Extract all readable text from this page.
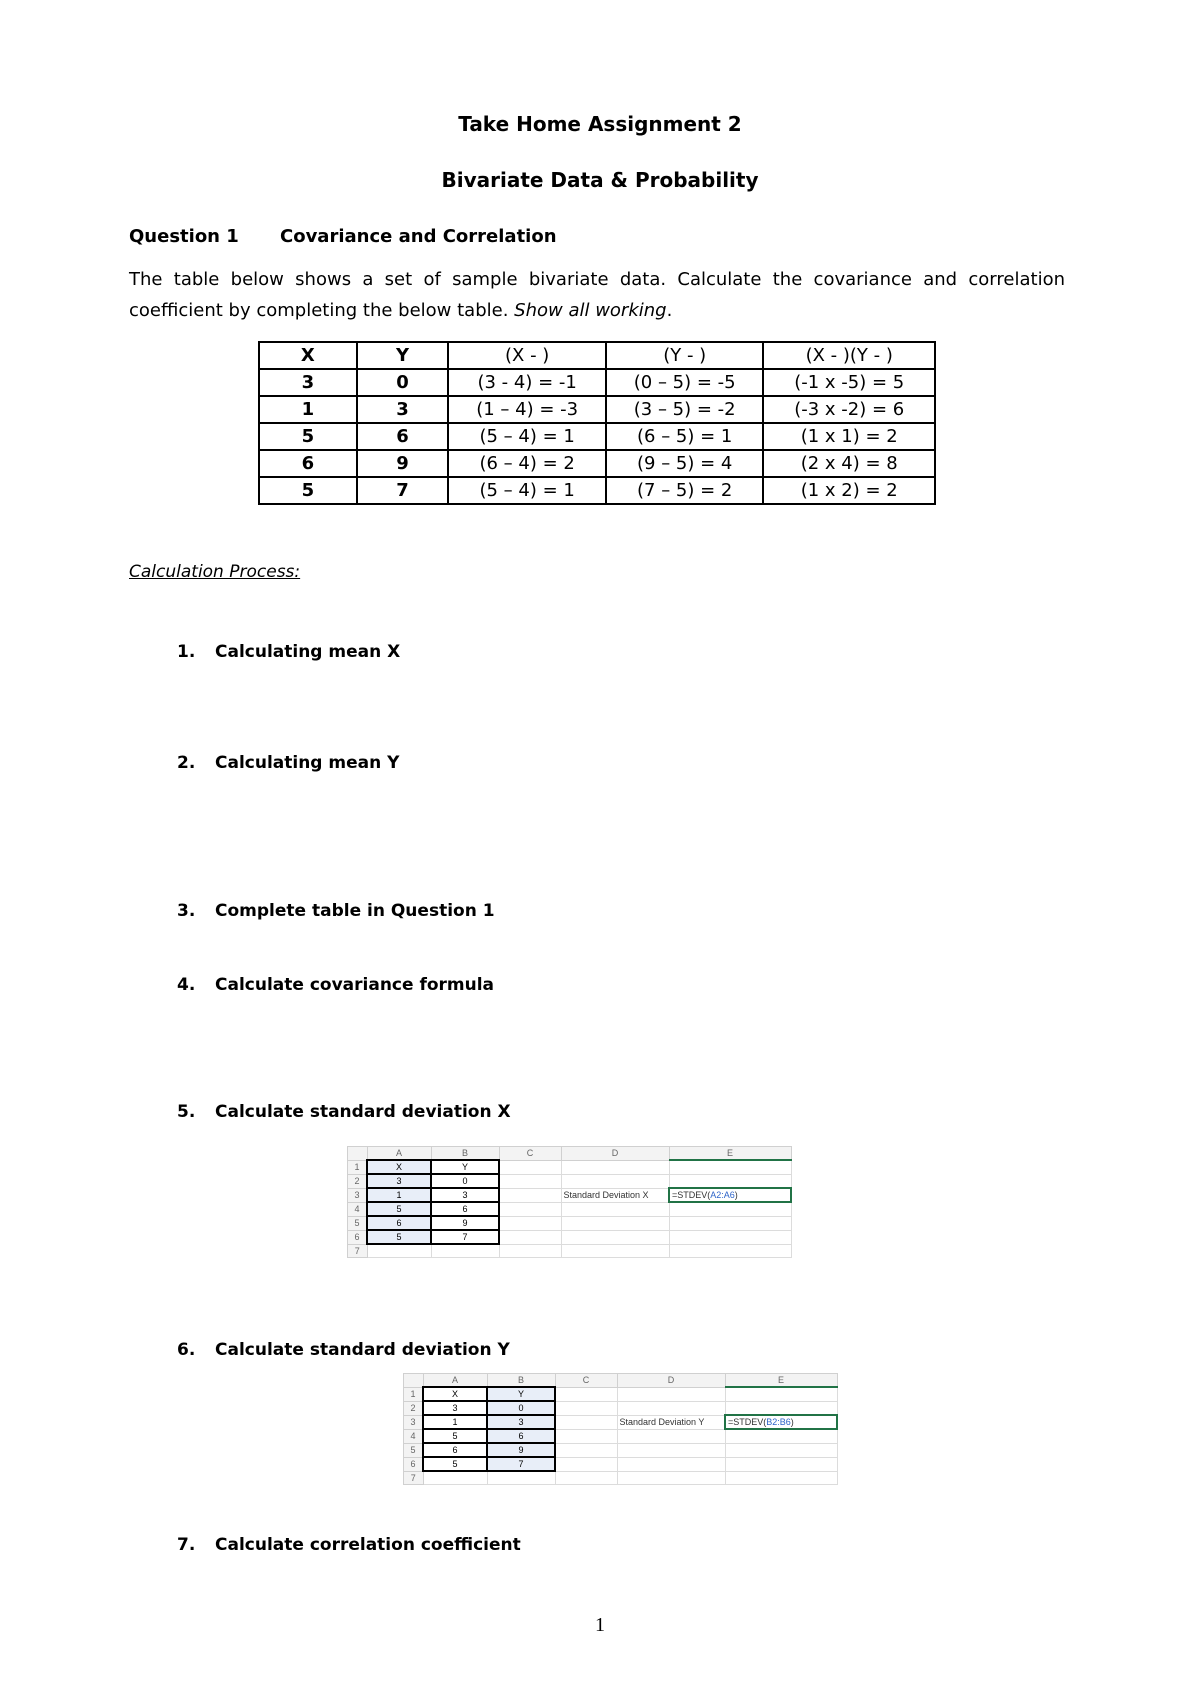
Take Home Assignment 2
Bivariate Data & Probability
Question 1 Covariance and Correlation
The table below shows a set of sample bivariate data. Calculate the covariance and correlation coefficient by completing the below table. Show all working.
X	Y	(X - )	(Y - )	(X - )(Y - )
3	0	(3 - 4) = -1	(0 – 5) = -5	(-1 x -5) = 5
1	3	(1 – 4) = -3	(3 – 5) = -2	(-3 x -2) = 6
5	6	(5 – 4) = 1	(6 – 5) = 1	(1 x 1) = 2
6	9	(6 – 4) = 2	(9 – 5) = 4	(2 x 4) = 8
5	7	(5 – 4) = 1	(7 – 5) = 2	(1 x 2) = 2
Calculation Process:
1. Calculating mean X
2. Calculating mean Y
3. Complete table in Question 1
4. Calculate covariance formula
5. Calculate standard deviation X
6. Calculate standard deviation Y
7. Calculate correlation coefficient
	A	B	C	D	E
1	X	Y			
2	3	0			
3	1	3		Standard Deviation X	=STDEV(A2:A6)
4	5	6			
5	6	9			
6	5	7			
7					
	A	B	C	D	E
1	X	Y			
2	3	0			
3	1	3		Standard Deviation Y	=STDEV(B2:B6)
4	5	6			
5	6	9			
6	5	7			
7					
1
